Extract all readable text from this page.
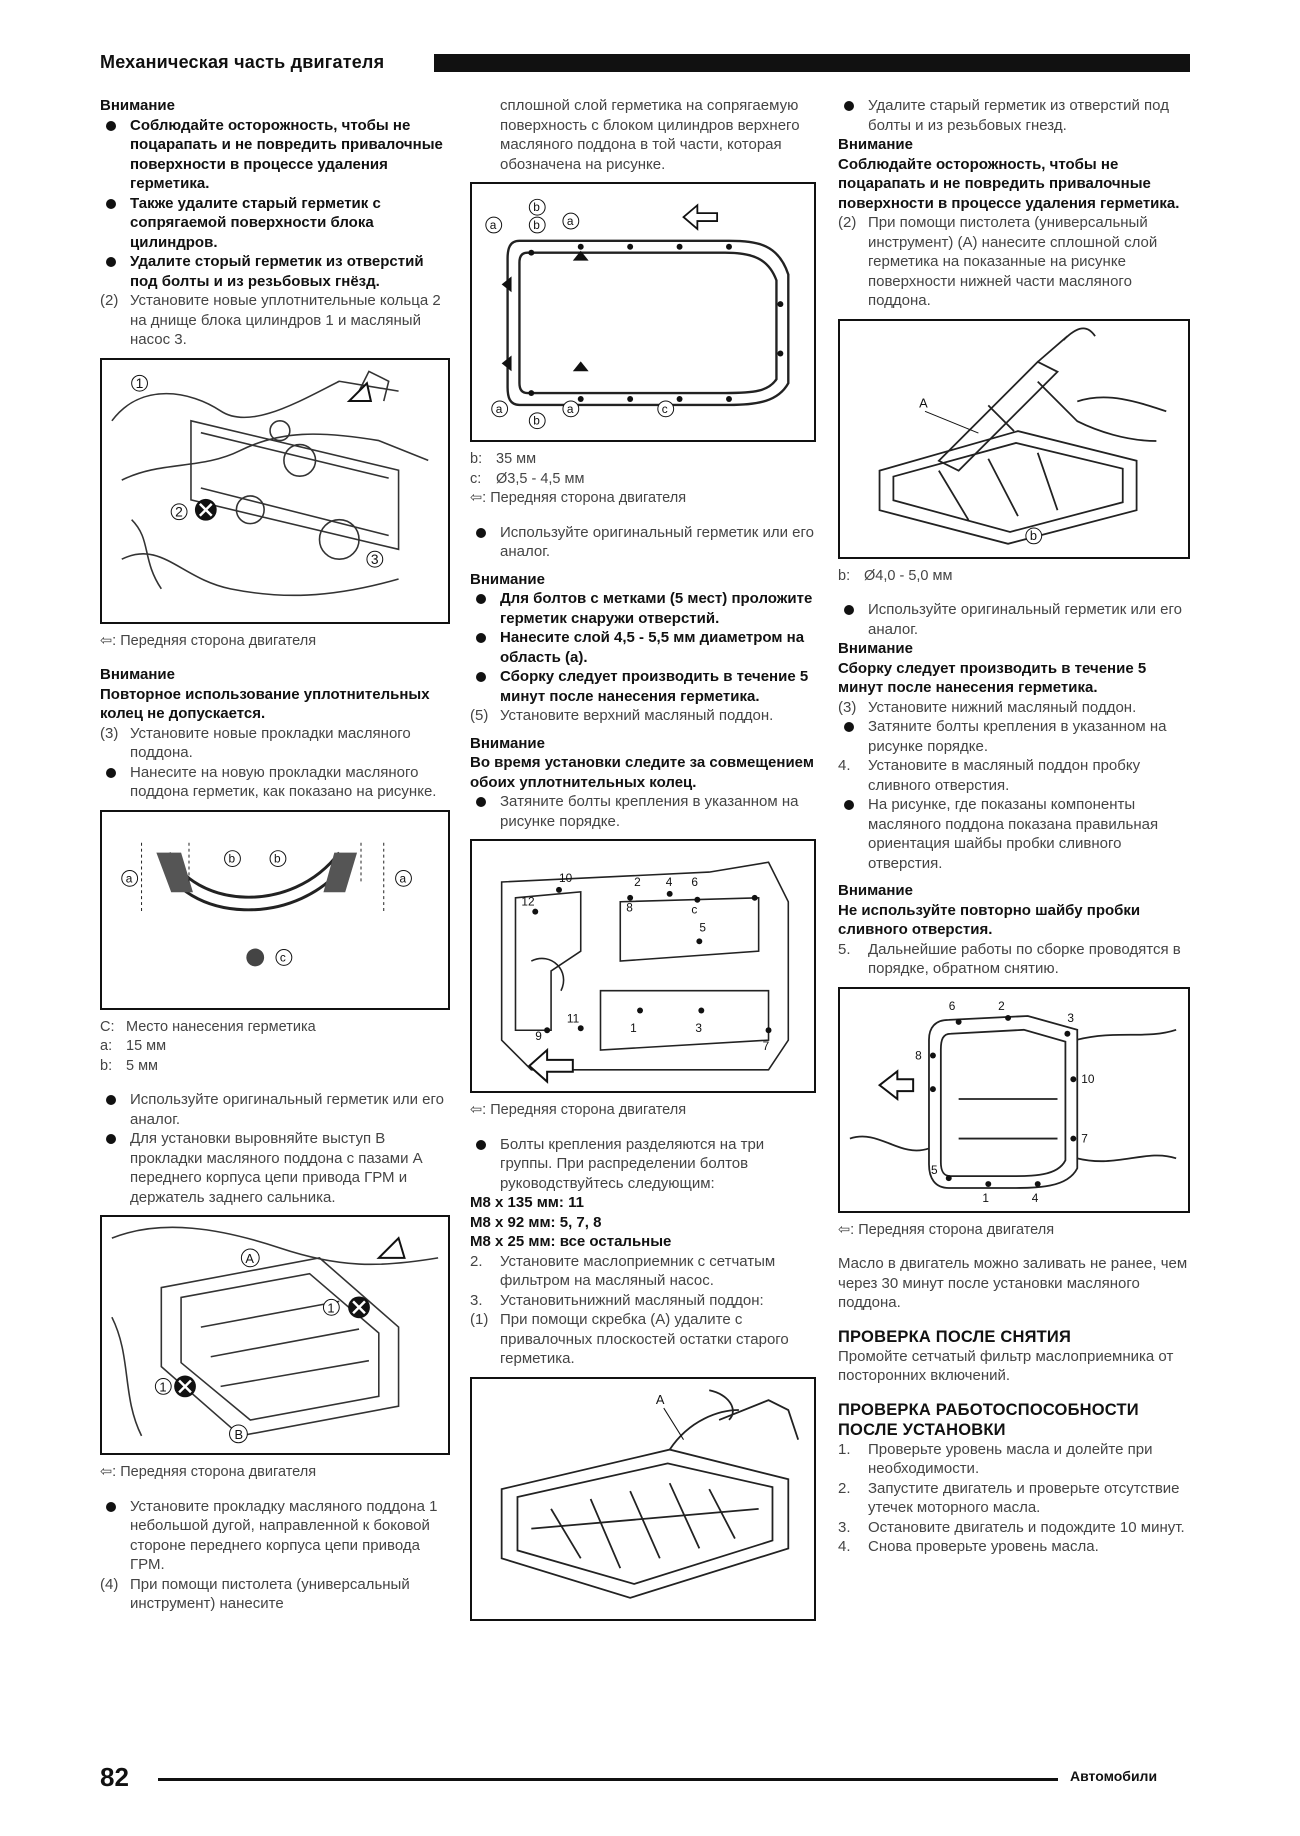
Механическая часть двигателя
Внимание
Соблюдайте осторожность, чтобы не поцарапать и не повредить привалочные поверхности в процессе удаления герметика.
Также удалите старый герметик с сопрягаемой поверхности блока цилиндров.
Удалите сторый герметик из отверстий под болты и из резьбовых гнёзд.
(2) Установите новые уплотнительные кольца 2 на днище блока цилиндров 1 и масляный насос 3.
1
2
3
⇦: Передняя сторона двигателя
Внимание
Повторное использование уплотнительных колец не допускается.
(3) Установите новые прокладки масляного поддона.
Нанесите на новую прокладки масляного поддона герметик, как показано на рисунке.
a
b	b
a
c
C: Место нанесения герметика
a: 15 мм
b: 5 мм
Используйте оригинальный герметик или его аналог.
Для установки выровняйте выступ В прокладки масляного поддона с пазами А переднего корпуса цепи привода ГРМ и держатель заднего сальника.
A
1
1
B
⇦: Передняя сторона двигателя
Установите прокладку масляного поддона 1 небольшой дугой, направленной к боковой стороне переднего корпуса цепи привода ГРМ.
(4) При помощи пистолета (универсальный инструмент) нанесите
сплошной слой герметика на сопрягаемую поверхность с блоком цилиндров верхнего масляного поддона в той части, которая обозначена на рисунке.
a
b
b a
a
b
a	c
b: 35 мм
c:	Ø3,5 - 4,5 мм
⇦: Передняя сторона двигателя
Используйте оригинальный герметик или его аналог.
Внимание
Для болтов с метками (5 мест) проложите герметик снаружи отверстий.
Нанесите слой 4,5 - 5,5 мм диаметром на область (а).
Сборку следует производить в течение 5 минут после нанесения герметика.
(5) Установите верхний масляный поддон.
Внимание
Во время установки следите за совмещением обоих уплотнительных колец.
Затяните болты крепления в указанном на рисунке порядке.
2 4 6
10
12	8
11
9
1	3
7
5
c
⇦: Передняя сторона двигателя
Болты крепления разделяются на три группы. При распределении болтов руководствуйтесь следующим:
M8 x 135 мм: 11
M8 x 92 мм: 5, 7, 8
M8 x 25 мм: все остальные
2. Установите маслоприемник с сетчатым фильтром на масляный насос.
3. Установитьнижний масляный поддон:
(1) При помощи скребка (А) удалите с привалочных плоскостей остатки старого герметика.
A
Удалите старый герметик из отверстий под болты и из резьбовых гнезд.
Внимание
Соблюдайте осторожность, чтобы не поцарапать и не повредить привалочные поверхности в процессе удаления герметика.
(2) При помощи пистолета (универсальный инструмент) (А) нанесите сплошной слой герметика на показанные на рисунке поверхности нижней части масляного поддона.
A
b
b: Ø4,0 - 5,0 мм
Используйте оригинальный герметик или его аналог.
Внимание
Сборку следует производить в течение 5 минут после нанесения герметика.
(3) Установите нижний масляный поддон.
Затяните болты крепления в указанном на рисунке порядке.
4. Установите в масляный поддон пробку сливного отверстия.
На рисунке, где показаны компоненты масляного поддона показана правильная ориентация шайбы пробки сливного отверстия.
Внимание
Не используйте повторно шайбу пробки сливного отверстия.
5. Дальнейшие работы по сборке проводятся в порядке, обратном снятию.
6	2
3
8
10
5
1	4
7
⇦: Передняя сторона двигателя
Масло в двигатель можно заливать не ранее, чем через 30 минут после установки масляного поддона.
ПРОВЕРКА ПОСЛЕ СНЯТИЯ
Промойте сетчатый фильтр маслоприемника от посторонних включений.
ПРОВЕРКА РАБОТОСПОСОБНОСТИ ПОСЛЕ УСТАНОВКИ
1. Проверьте уровень масла и долейте при необходимости.
2. Запустите двигатель и проверьте отсутствие утечек моторного масла.
3. Остановите двигатель и подождите 10 минут.
4. Снова проверьте уровень масла.
82	Автомобили
